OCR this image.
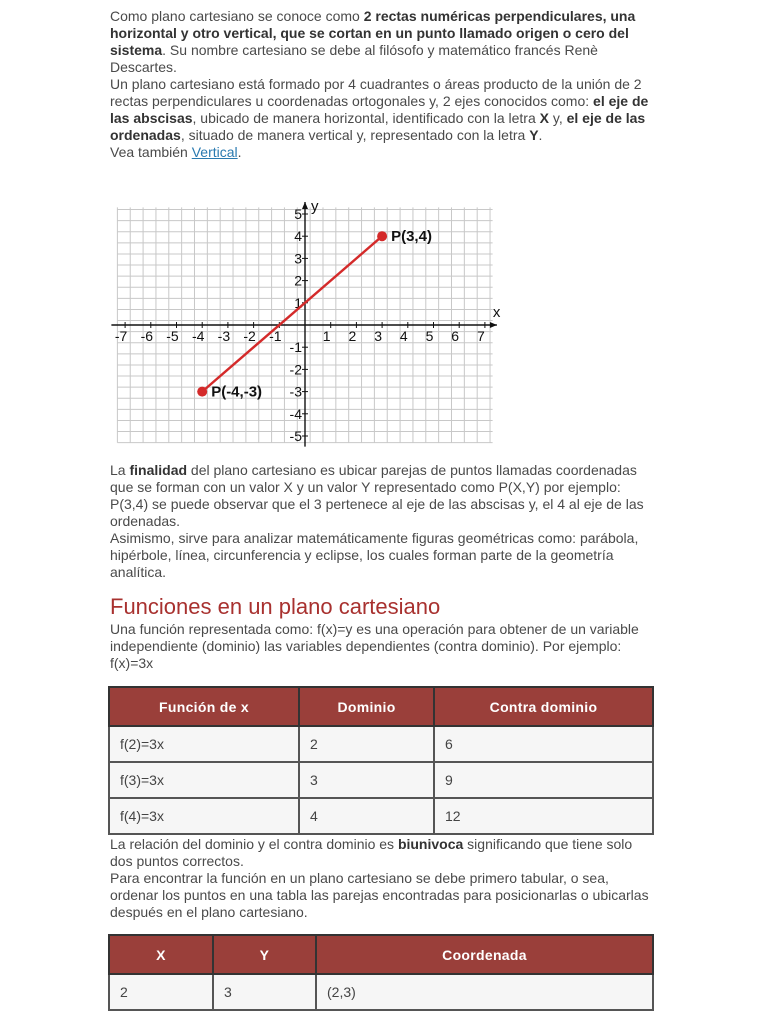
Como plano cartesiano se conoce como 2 rectas numéricas perpendiculares, una horizontal y otro vertical, que se cortan en un punto llamado origen o cero del sistema. Su nombre cartesiano se debe al filósofo y matemático francés Renè Descartes.
Un plano cartesiano está formado por 4 cuadrantes o áreas producto de la unión de 2 rectas perpendiculares u coordenadas ortogonales y, 2 ejes conocidos como: el eje de las abscisas, ubicado de manera horizontal, identificado con la letra X y, el eje de las ordenadas, situado de manera vertical y, representado con la letra Y.
Vea también Vertical.

-7 -6 -5 -4 -3 -2 -1	1 2 3 4 5 6 7
5
4
3
2
1
-1
-2
-3
-4
-5
x
y
P(-4,-3)
P(3,4)

La finalidad del plano cartesiano es ubicar parejas de puntos llamadas coordenadas que se forman con un valor X y un valor Y representado como P(X,Y) por ejemplo: P(3,4) se puede observar que el 3 pertenece al eje de las abscisas y, el 4 al eje de las ordenadas.
Asimismo, sirve para analizar matemáticamente figuras geométricas como: parábola, hipérbole, línea, circunferencia y eclipse, los cuales forman parte de la geometría analítica.

Funciones en un plano cartesiano

Una función representada como: f(x)=y es una operación para obtener de un variable independiente (dominio) las variables dependientes (contra dominio). Por ejemplo: f(x)=3x

Función de x	Dominio	Contra dominio
f(2)=3x	2	6
f(3)=3x	3	9
f(4)=3x	4	12

La relación del dominio y el contra dominio es biunivoca significando que tiene solo dos puntos correctos.
Para encontrar la función en un plano cartesiano se debe primero tabular, o sea, ordenar los puntos en una tabla las parejas encontradas para posicionarlas o ubicarlas después en el plano cartesiano.

X	Y	Coordenada
2	3	(2,3)
